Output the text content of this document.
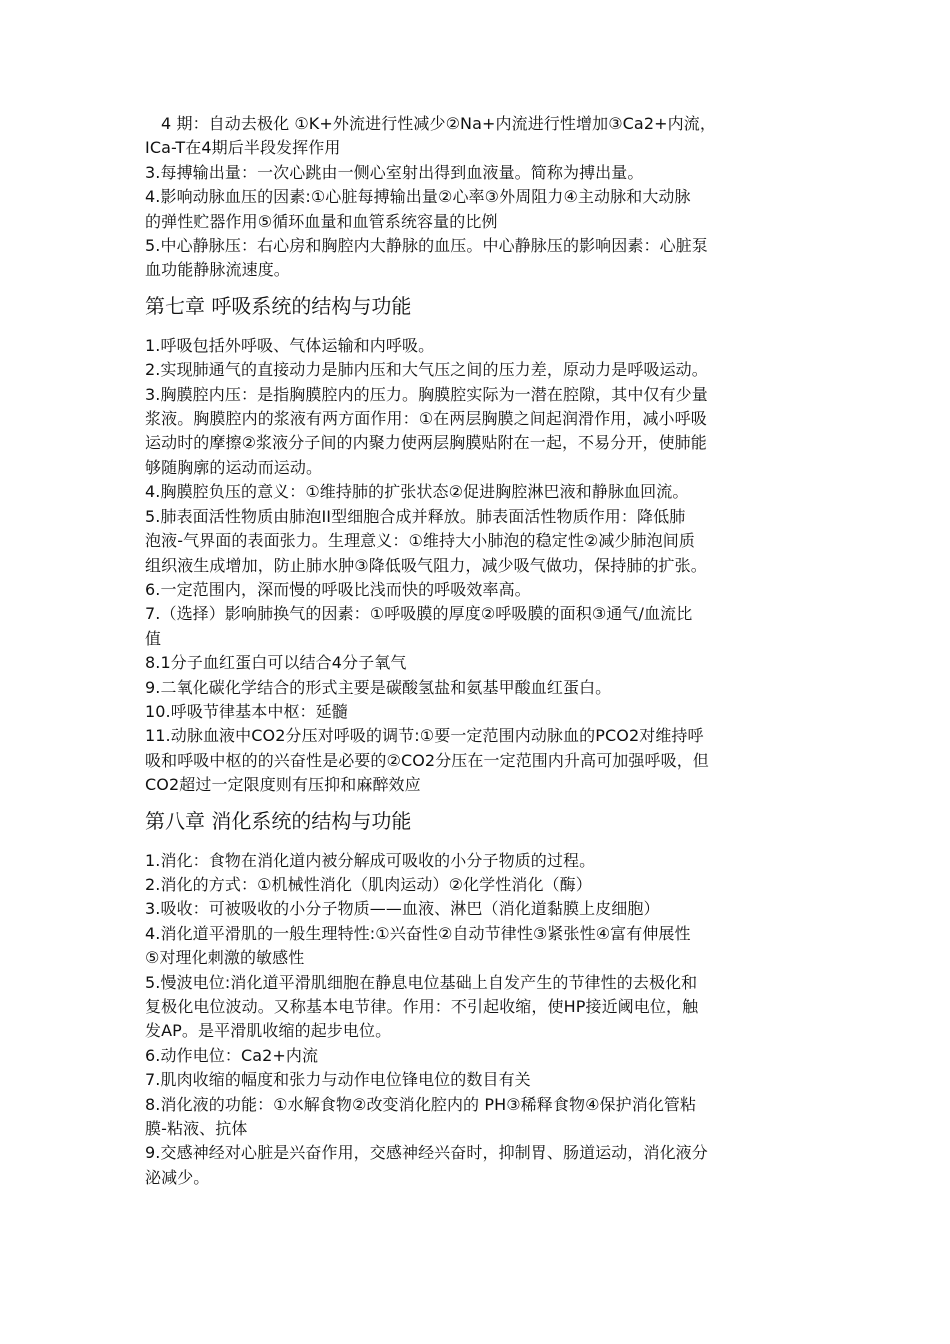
4 期：自动去极化 ①K+外流进行性减少②Na+内流进行性增加③Ca2+内流，
ICa-T在4期后半段发挥作用
3.每搏输出量：一次心跳由一侧心室射出得到血液量。简称为搏出量。
4.影响动脉血压的因素:①心脏每搏输出量②心率③外周阻力④主动脉和大动脉
的弹性贮器作用⑤循环血量和血管系统容量的比例
5.中心静脉压：右心房和胸腔内大静脉的血压。中心静脉压的影响因素：心脏泵
血功能静脉流速度。
第七章 呼吸系统的结构与功能
1.呼吸包括外呼吸、气体运输和内呼吸。
2.实现肺通气的直接动力是肺内压和大气压之间的压力差，原动力是呼吸运动。
3.胸膜腔内压：是指胸膜腔内的压力。胸膜腔实际为一潜在腔隙，其中仅有少量
浆液。胸膜腔内的浆液有两方面作用：①在两层胸膜之间起润滑作用，减小呼吸
运动时的摩擦②浆液分子间的内聚力使两层胸膜贴附在一起，不易分开，使肺能
够随胸廓的运动而运动。
4.胸膜腔负压的意义：①维持肺的扩张状态②促进胸腔淋巴液和静脉血回流。
5.肺表面活性物质由肺泡II型细胞合成并释放。肺表面活性物质作用：降低肺
泡液-气界面的表面张力。生理意义：①维持大小肺泡的稳定性②减少肺泡间质
组织液生成增加，防止肺水肿③降低吸气阻力，减少吸气做功，保持肺的扩张。
6.一定范围内，深而慢的呼吸比浅而快的呼吸效率高。
7.（选择）影响肺换气的因素：①呼吸膜的厚度②呼吸膜的面积③通气/血流比
值
8.1分子血红蛋白可以结合4分子氧气
9.二氧化碳化学结合的形式主要是碳酸氢盐和氨基甲酸血红蛋白。
10.呼吸节律基本中枢：延髓
11.动脉血液中CO2分压对呼吸的调节:①要一定范围内动脉血的PCO2对维持呼
吸和呼吸中枢的的兴奋性是必要的②CO2分压在一定范围内升高可加强呼吸，但
CO2超过一定限度则有压抑和麻醉效应
第八章 消化系统的结构与功能
1.消化：食物在消化道内被分解成可吸收的小分子物质的过程。
2.消化的方式：①机械性消化（肌肉运动）②化学性消化（酶）
3.吸收：可被吸收的小分子物质——血液、淋巴（消化道黏膜上皮细胞）
4.消化道平滑肌的一般生理特性:①兴奋性②自动节律性③紧张性④富有伸展性
⑤对理化刺激的敏感性
5.慢波电位:消化道平滑肌细胞在静息电位基础上自发产生的节律性的去极化和
复极化电位波动。又称基本电节律。作用：不引起收缩，使HP接近阈电位，触
发AP。是平滑肌收缩的起步电位。
6.动作电位：Ca2+内流
7.肌肉收缩的幅度和张力与动作电位锋电位的数目有关
8.消化液的功能：①水解食物②改变消化腔内的 PH③稀释食物④保护消化管粘
膜-粘液、抗体
9.交感神经对心脏是兴奋作用，交感神经兴奋时，抑制胃、肠道运动，消化液分
泌减少。
